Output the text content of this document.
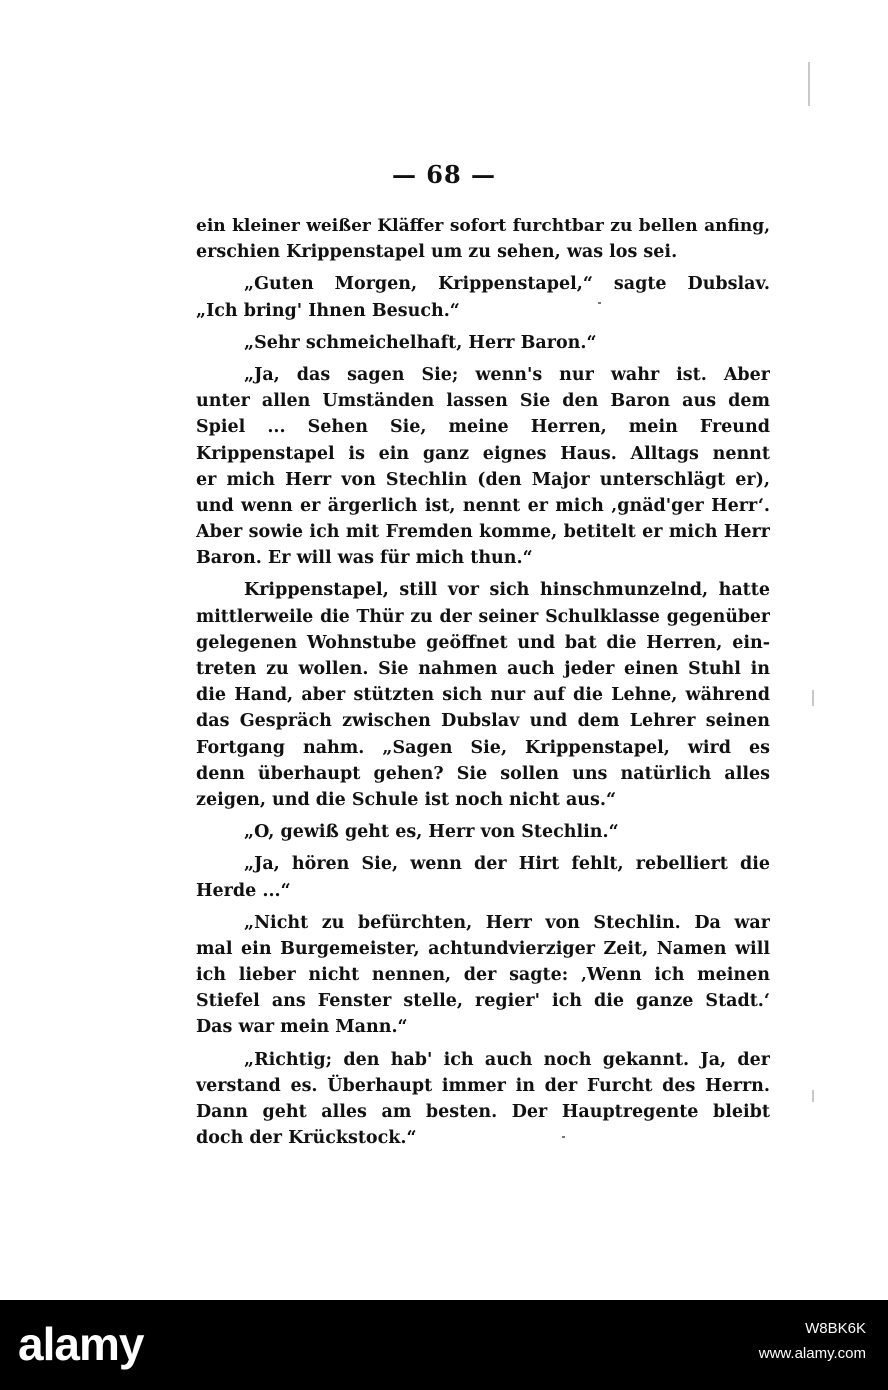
— 68 —
ein kleiner weißer Kläffer sofort furchtbar zu bellen anfing,
erschien Krippenstapel um zu sehen, was los sei.
„Guten Morgen, Krippenstapel,“ sagte Dubslav.
„Ich bring' Ihnen Besuch.“
„Sehr schmeichelhaft, Herr Baron.“
„Ja, das sagen Sie; wenn's nur wahr ist. Aber
unter allen Umständen lassen Sie den Baron aus dem
Spiel ... Sehen Sie, meine Herren, mein Freund
Krippenstapel is ein ganz eignes Haus. Alltags nennt
er mich Herr von Stechlin (den Major unterschlägt er),
und wenn er ärgerlich ist, nennt er mich ‚gnäd'ger Herr‘.
Aber sowie ich mit Fremden komme, betitelt er mich Herr
Baron. Er will was für mich thun.“
Krippenstapel, still vor sich hinschmunzelnd, hatte
mittlerweile die Thür zu der seiner Schulklasse gegenüber
gelegenen Wohnstube geöffnet und bat die Herren, ein-
treten zu wollen. Sie nahmen auch jeder einen Stuhl in
die Hand, aber stützten sich nur auf die Lehne, während
das Gespräch zwischen Dubslav und dem Lehrer seinen
Fortgang nahm. „Sagen Sie, Krippenstapel, wird es
denn überhaupt gehen? Sie sollen uns natürlich alles
zeigen, und die Schule ist noch nicht aus.“
„O, gewiß geht es, Herr von Stechlin.“
„Ja, hören Sie, wenn der Hirt fehlt, rebelliert die
Herde ...“
„Nicht zu befürchten, Herr von Stechlin. Da war
mal ein Burgemeister, achtundvierziger Zeit, Namen will
ich lieber nicht nennen, der sagte: ‚Wenn ich meinen
Stiefel ans Fenster stelle, regier' ich die ganze Stadt.‘
Das war mein Mann.“
„Richtig; den hab' ich auch noch gekannt. Ja, der
verstand es. Überhaupt immer in der Furcht des Herrn.
Dann geht alles am besten. Der Hauptregente bleibt
doch der Krückstock.“
alamy	W8BK6K
www.alamy.com
